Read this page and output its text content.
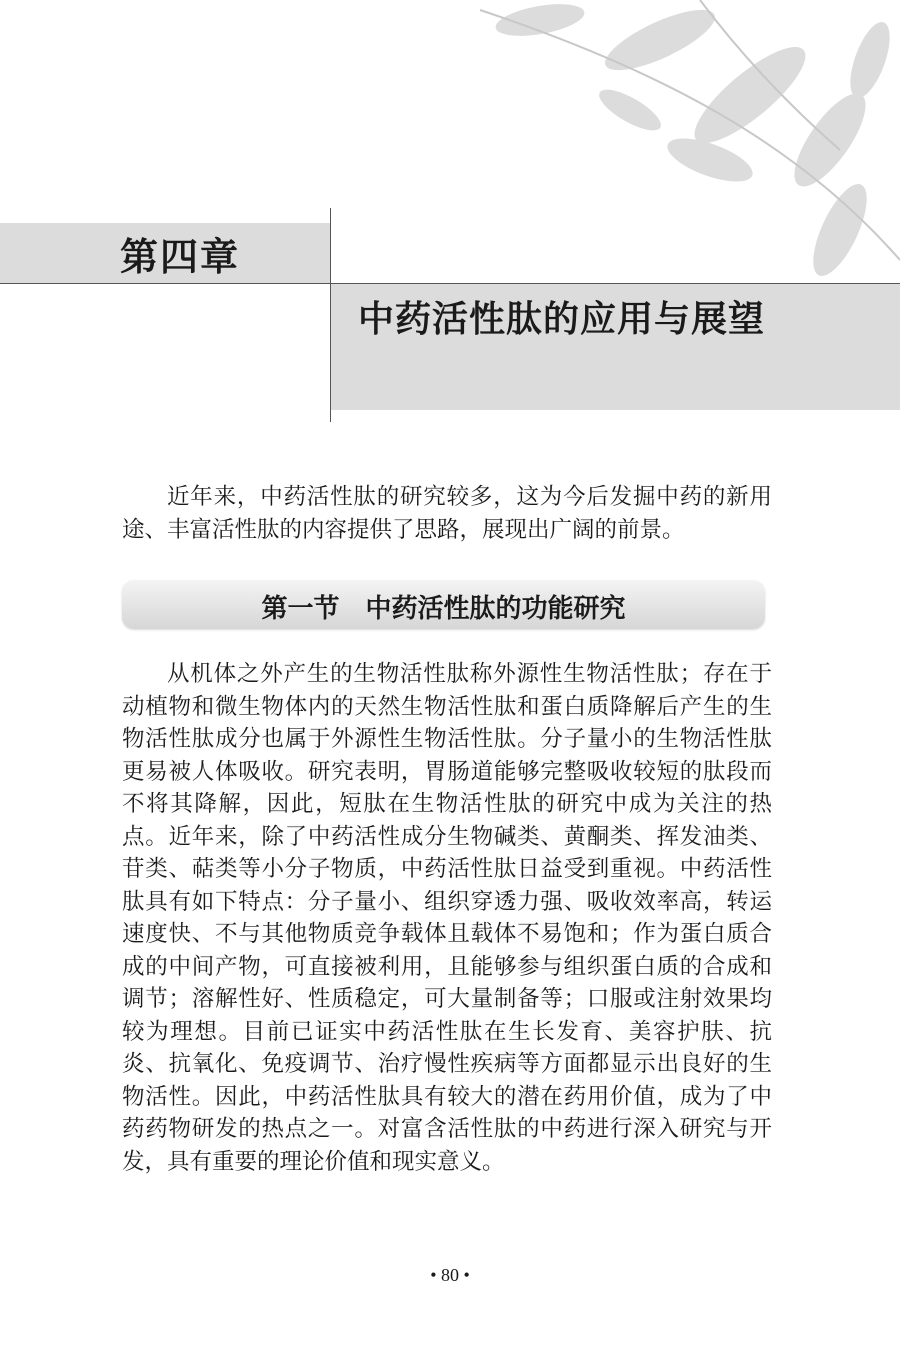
第四章
中药活性肽的应用与展望

近年来，中药活性肽的研究较多，这为今后发掘中药的新用途、丰富活性肽的内容提供了思路，展现出广阔的前景。

第一节　中药活性肽的功能研究

从机体之外产生的生物活性肽称外源性生物活性肽；存在于动植物和微生物体内的天然生物活性肽和蛋白质降解后产生的生物活性肽成分也属于外源性生物活性肽。分子量小的生物活性肽更易被人体吸收。研究表明，胃肠道能够完整吸收较短的肽段而不将其降解，因此，短肽在生物活性肽的研究中成为关注的热点。近年来，除了中药活性成分生物碱类、黄酮类、挥发油类、苷类、萜类等小分子物质，中药活性肽日益受到重视。中药活性肽具有如下特点：分子量小、组织穿透力强、吸收效率高，转运速度快、不与其他物质竞争载体且载体不易饱和；作为蛋白质合成的中间产物，可直接被利用，且能够参与组织蛋白质的合成和调节；溶解性好、性质稳定，可大量制备等；口服或注射效果均较为理想。目前已证实中药活性肽在生长发育、美容护肤、抗炎、抗氧化、免疫调节、治疗慢性疾病等方面都显示出良好的生物活性。因此，中药活性肽具有较大的潜在药用价值，成为了中药药物研发的热点之一。对富含活性肽的中药进行深入研究与开发，具有重要的理论价值和现实意义。

• 80 •
